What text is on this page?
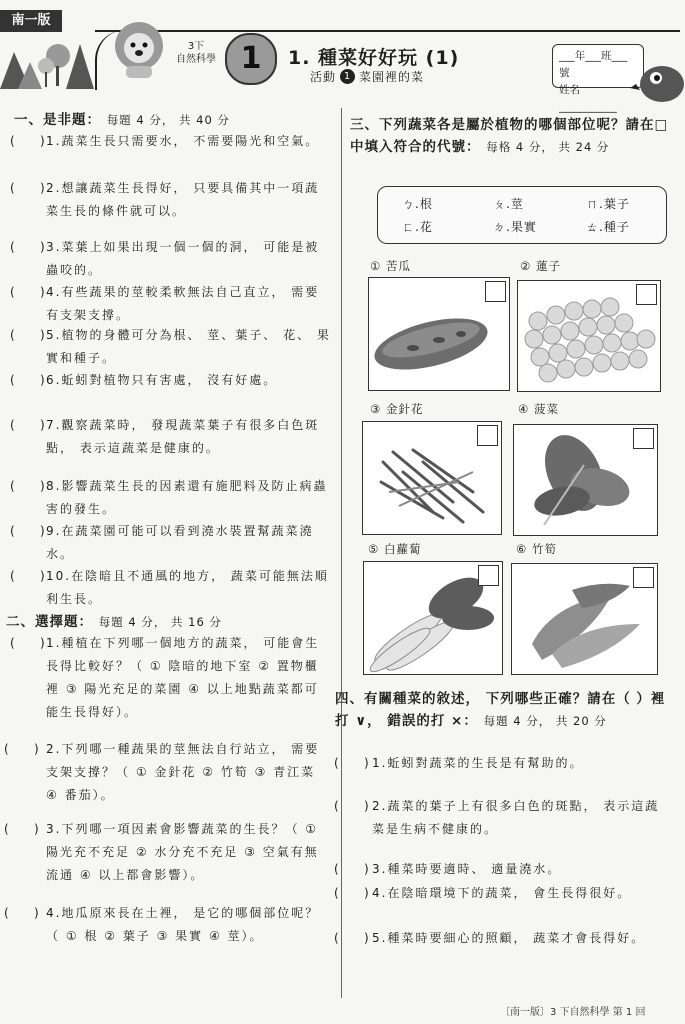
南一版
3下
自然科學 1	1. 種菜好好玩 (1)
活動 1 菜園裡的菜
___年___班___號
姓名___________
一、是非題： 每題 4 分， 共 40 分
(    ) 1.蔬菜生長只需要水， 不需要陽光和空氣。
(    ) 2.想讓蔬菜生長得好， 只要具備其中一項蔬菜生長的條件就可以。
(    ) 3.菜葉上如果出現一個一個的洞， 可能是被蟲咬的。
(    ) 4.有些蔬果的莖較柔軟無法自己直立， 需要有支架支撐。
(    ) 5.植物的身體可分為根、 莖、葉子、 花、 果實和種子。
(    ) 6.蚯蚓對植物只有害處， 沒有好處。
(    ) 7.觀察蔬菜時， 發現蔬菜葉子有很多白色斑點， 表示這蔬菜是健康的。
(    ) 8.影響蔬菜生長的因素還有施肥料及防止病蟲害的發生。
(    ) 9.在蔬菜園可能可以看到澆水裝置幫蔬菜澆水。
(    ) 10.在陰暗且不通風的地方， 蔬菜可能無法順利生長。
二、選擇題： 每題 4 分， 共 16 分
(    ) 1.種植在下列哪一個地方的蔬菜， 可能會生長得比較好？（ ① 陰暗的地下室 ② 置物櫃裡 ③ 陽光充足的菜園 ④ 以上地點蔬菜都可能生長得好）。
(    ) 2.下列哪一種蔬果的莖無法自行站立， 需要支架支撐？（ ① 金針花 ② 竹筍 ③ 青江菜 ④ 番茄）。
(    ) 3.下列哪一項因素會影響蔬菜的生長？（ ① 陽光充不充足 ② 水分充不充足 ③ 空氣有無流通 ④ 以上都會影響）。
(    ) 4.地瓜原來長在土裡， 是它的哪個部位呢？（ ① 根 ② 葉子 ③ 果實 ④ 莖）。
三、下列蔬菜各是屬於植物的哪個部位呢？請在□中填入符合的代號： 每格 4 分， 共 24 分
ㄅ.根	ㄆ.莖	ㄇ.葉子
ㄈ.花	ㄉ.果實	ㄊ.種子
① 苦瓜	② 蓮子
③ 金針花	④ 菠菜
⑤ 白蘿蔔	⑥ 竹筍
四、有關種菜的敘述， 下列哪些正確？請在（ ）裡打 ∨， 錯誤的打 ×： 每題 4 分， 共 20 分
(    ) 1.蚯蚓對蔬菜的生長是有幫助的。
(    ) 2.蔬菜的葉子上有很多白色的斑點， 表示這蔬菜是生病不健康的。
(    ) 3.種菜時要適時、 適量澆水。
(    ) 4.在陰暗環境下的蔬菜， 會生長得很好。
(    ) 5.種菜時要細心的照顧， 蔬菜才會長得好。
〔南一版〕3 下自然科學 第 1 回
